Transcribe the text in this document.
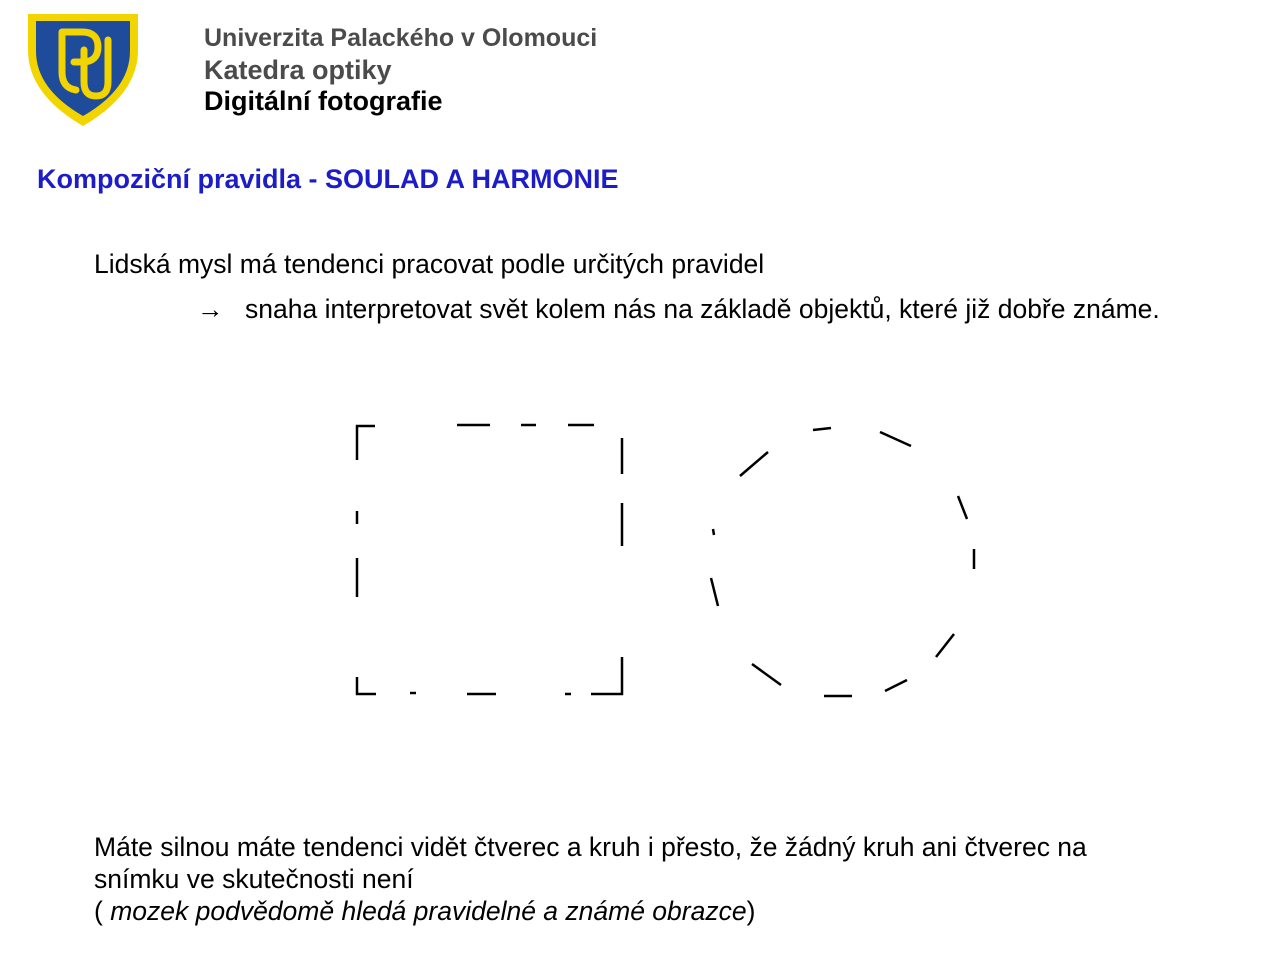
Univerzita Palackého v Olomouci
Katedra optiky
Digitální fotografie
Kompoziční pravidla - SOULAD A HARMONIE
Lidská mysl má tendenci pracovat podle určitých pravidel
→ snaha interpretovat svět kolem nás na základě objektů, které již dobře známe.
Máte silnou máte tendenci vidět čtverec a kruh i přesto, že žádný kruh ani čtverec na
snímku ve skutečnosti není
( mozek podvědomě hledá pravidelné a známé obrazce)
